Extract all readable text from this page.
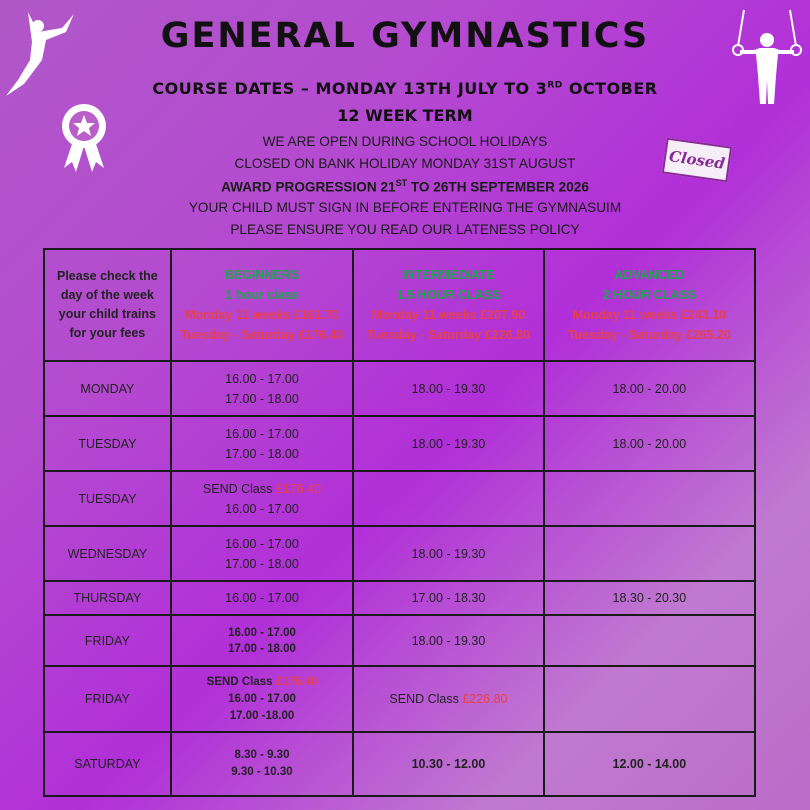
Closed
GENERAL GYMNASTICS
COURSE DATES – MONDAY 13TH JULY TO 3RD OCTOBER
12 WEEK TERM
WE ARE OPEN DURING SCHOOL HOLIDAYS
CLOSED ON BANK HOLIDAY MONDAY 31ST AUGUST
AWARD PROGRESSION 21ST TO 26TH SEPTEMBER 2026
YOUR CHILD MUST SIGN IN BEFORE ENTERING THE GYMNASUIM
PLEASE ENSURE YOU READ OUR LATENESS POLICY
Please check the day of the week your child trains for your fees	BEGINNERS
1 hour class
Monday 11 weeks £161.70
Tuesday - Saturday £176.40	INTERMEDIATE
1.5 HOUR CLASS
Monday 11 weeks £207.90
Tuesday - Saturday £226.80	ADVANCED
2 HOUR CLASS
Monday 11 weeks £243.10
Tuesday - Saturday £265.20

MONDAY	16.00 - 17.00
17.00 - 18.00	18.00 - 19.30	18.00 - 20.00
TUESDAY	16.00 - 17.00
17.00 - 18.00	18.00 - 19.30	18.00 - 20.00
TUESDAY	SEND Class £176.40
16.00 - 17.00		

WEDNESDAY	16.00 - 17.00
17.00 - 18.00	18.00 - 19.30	
THURSDAY	16.00 - 17.00	17.00 - 18.30	18.30 - 20.30
FRIDAY	16.00 - 17.00
17.00 - 18.00	18.00 - 19.30	
FRIDAY	SEND Class £176.40
16.00 - 17.00
17.00 -18.00	SEND Class £226.80	
SATURDAY	8.30 - 9.30
9.30 - 10.30	10.30 - 12.00	12.00 - 14.00
